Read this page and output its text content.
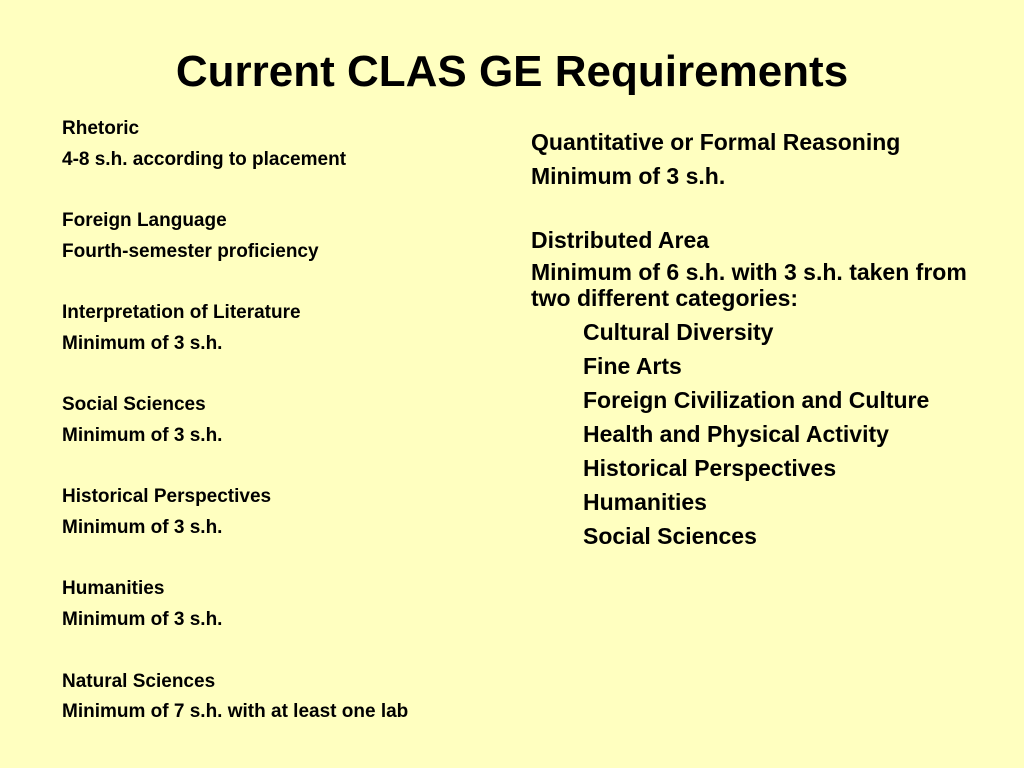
Current CLAS GE Requirements
Rhetoric
4-8 s.h. according to placement
Foreign Language
Fourth-semester proficiency
Interpretation of Literature
Minimum of 3 s.h.
Social Sciences
Minimum of 3 s.h.
Historical Perspectives
Minimum of 3 s.h.
Humanities
Minimum of 3 s.h.
Natural Sciences
Minimum of 7 s.h. with at least one lab
Quantitative or Formal Reasoning
Minimum of 3 s.h.
Distributed Area
Minimum of 6 s.h. with 3 s.h. taken from two different categories:
Cultural Diversity
Fine Arts
Foreign Civilization and Culture
Health and Physical Activity
Historical Perspectives
Humanities
Social Sciences
